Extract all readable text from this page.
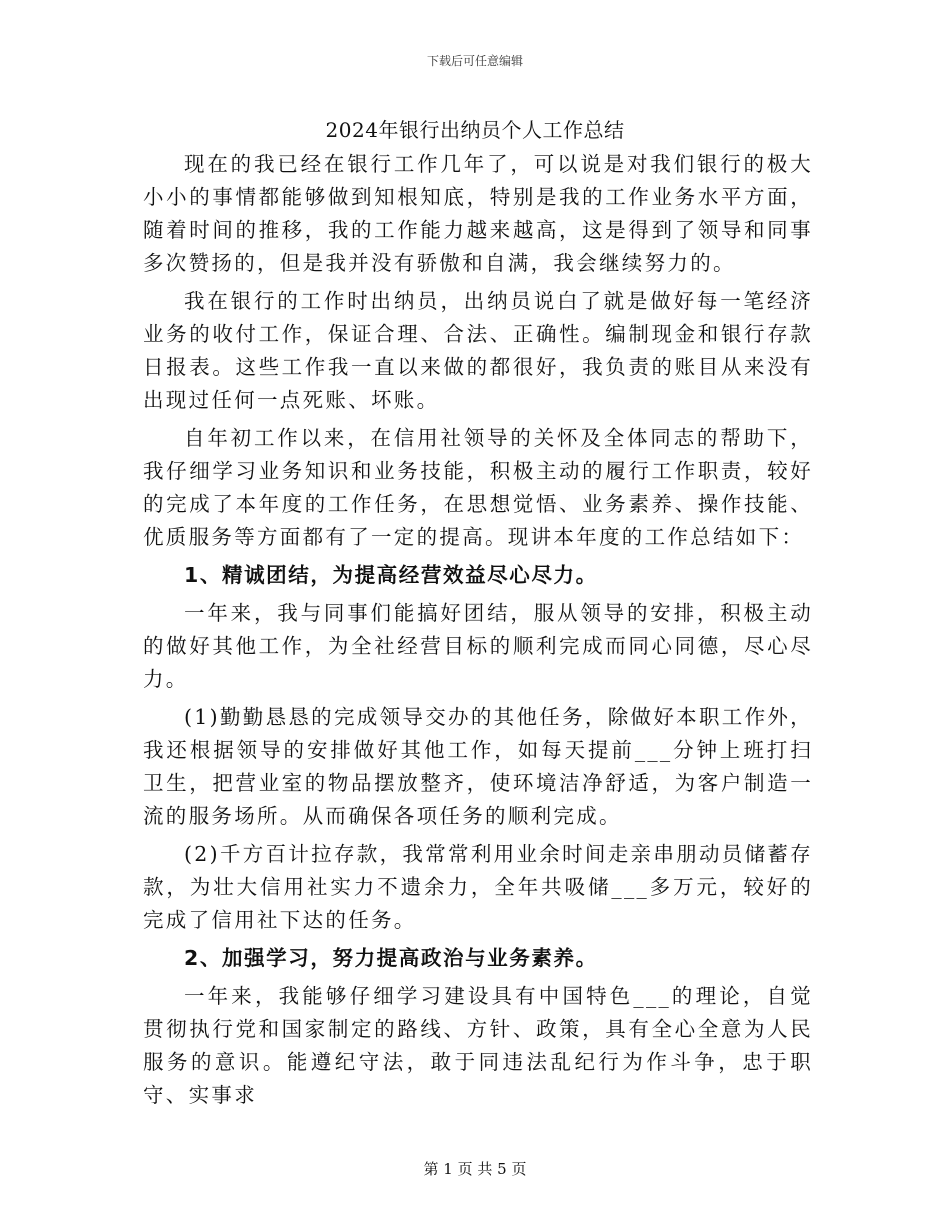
下载后可任意编辑
2024年银行出纳员个人工作总结

现在的我已经在银行工作几年了，可以说是对我们银行的极大小小的事情都能够做到知根知底，特别是我的工作业务水平方面，随着时间的推移，我的工作能力越来越高，这是得到了领导和同事多次赞扬的，但是我并没有骄傲和自满，我会继续努力的。

我在银行的工作时出纳员，出纳员说白了就是做好每一笔经济业务的收付工作，保证合理、合法、正确性。编制现金和银行存款日报表。这些工作我一直以来做的都很好，我负责的账目从来没有出现过任何一点死账、坏账。

自年初工作以来，在信用社领导的关怀及全体同志的帮助下，我仔细学习业务知识和业务技能，积极主动的履行工作职责，较好的完成了本年度的工作任务，在思想觉悟、业务素养、操作技能、优质服务等方面都有了一定的提高。现讲本年度的工作总结如下：

1、精诚团结，为提高经营效益尽心尽力。

一年来，我与同事们能搞好团结，服从领导的安排，积极主动的做好其他工作，为全社经营目标的顺利完成而同心同德，尽心尽力。

(1)勤勤恳恳的完成领导交办的其他任务，除做好本职工作外，我还根据领导的安排做好其他工作，如每天提前___分钟上班打扫卫生，把营业室的物品摆放整齐，使环境洁净舒适，为客户制造一流的服务场所。从而确保各项任务的顺利完成。

(2)千方百计拉存款，我常常利用业余时间走亲串朋动员储蓄存款，为壮大信用社实力不遗余力，全年共吸储___多万元，较好的完成了信用社下达的任务。

2、加强学习，努力提高政治与业务素养。

一年来，我能够仔细学习建设具有中国特色___的理论，自觉贯彻执行党和国家制定的路线、方针、政策，具有全心全意为人民服务的意识。能遵纪守法，敢于同违法乱纪行为作斗争，忠于职守、实事求

第 1 页 共 5 页
